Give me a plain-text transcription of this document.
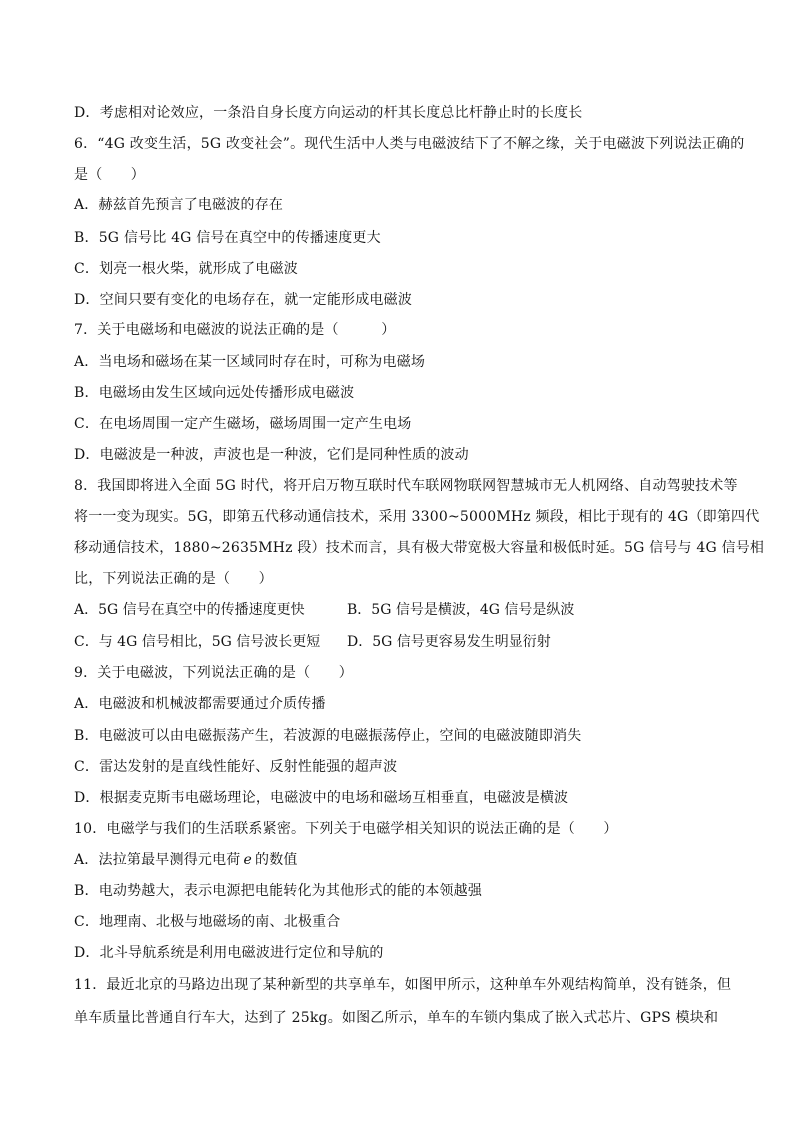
D．考虑相对论效应，一条沿自身长度方向运动的杆其长度总比杆静止时的长度长
6．“4G 改变生活，5G 改变社会”。现代生活中人类与电磁波结下了不解之缘，关于电磁波下列说法正确的
是（　　）
A．赫兹首先预言了电磁波的存在
B．5G 信号比 4G 信号在真空中的传播速度更大
C．划亮一根火柴，就形成了电磁波
D．空间只要有变化的电场存在，就一定能形成电磁波
7．关于电磁场和电磁波的说法正确的是（　　　）
A．当电场和磁场在某一区域同时存在时，可称为电磁场
B．电磁场由发生区域向远处传播形成电磁波
C．在电场周围一定产生磁场，磁场周围一定产生电场
D．电磁波是一种波，声波也是一种波，它们是同种性质的波动
8．我国即将进入全面 5G 时代，将开启万物互联时代车联网物联网智慧城市无人机网络、自动驾驶技术等
将一一变为现实。5G，即第五代移动通信技术，采用 3300~5000MHz 频段，相比于现有的 4G（即第四代
移动通信技术，1880~2635MHz 段）技术而言，具有极大带宽极大容量和极低时延。5G 信号与 4G 信号相
比，下列说法正确的是（　　）
A．5G 信号在真空中的传播速度更快	B．5G 信号是横波，4G 信号是纵波
C．与 4G 信号相比，5G 信号波长更短 D．5G 信号更容易发生明显衍射
9．关于电磁波，下列说法正确的是（　　）
A．电磁波和机械波都需要通过介质传播
B．电磁波可以由电磁振荡产生，若波源的电磁振荡停止，空间的电磁波随即消失
C．雷达发射的是直线性能好、反射性能强的超声波
D．根据麦克斯韦电磁场理论，电磁波中的电场和磁场互相垂直，电磁波是横波
10．电磁学与我们的生活联系紧密。下列关于电磁学相关知识的说法正确的是（　　）
A．法拉第最早测得元电荷 e 的数值
B．电动势越大，表示电源把电能转化为其他形式的能的本领越强
C．地理南、北极与地磁场的南、北极重合
D．北斗导航系统是利用电磁波进行定位和导航的
11．最近北京的马路边出现了某种新型的共享单车，如图甲所示，这种单车外观结构简单，没有链条，但
单车质量比普通自行车大，达到了 25kg。如图乙所示，单车的车锁内集成了嵌入式芯片、GPS 模块和
